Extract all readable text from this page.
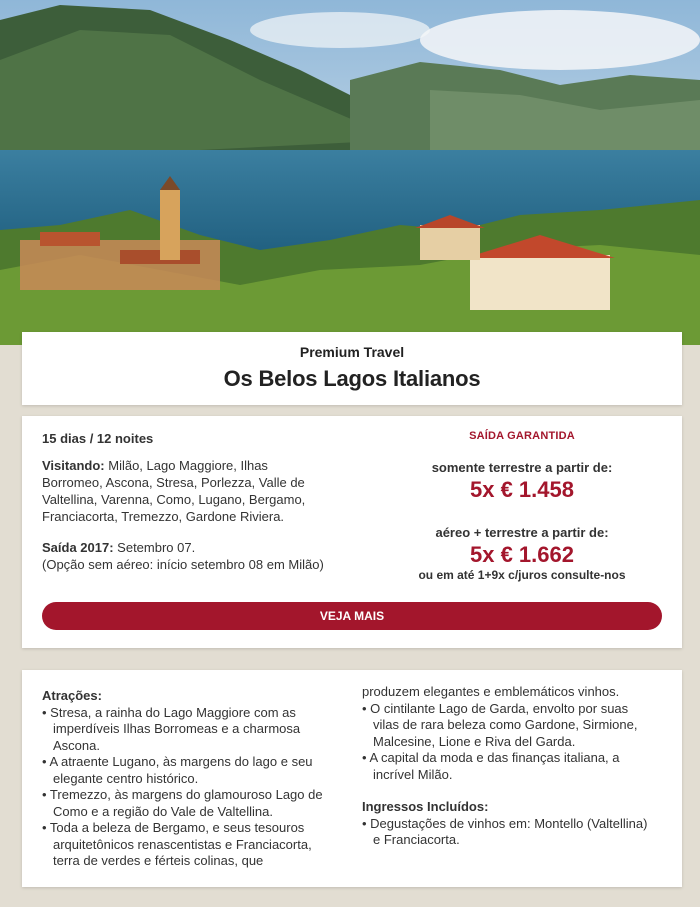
Premium Travel
Os Belos Lagos Italianos

15 dias / 12 noites

Visitando: Milão, Lago Maggiore, Ilhas Borromeo, Ascona, Stresa, Porlezza, Valle de Valtellina, Varenna, Como, Lugano, Bergamo, Franciacorta, Tremezzo, Gardone Riviera.

Saída 2017: Setembro 07.
(Opção sem aéreo: início setembro 08 em Milão)

SAÍDA GARANTIDA
somente terrestre a partir de:
5x € 1.458
aéreo + terrestre a partir de:
5x € 1.662
ou em até 1+9x c/juros consulte-nos
VEJA MAIS
Atrações:
• Stresa, a rainha do Lago Maggiore com as imperdíveis Ilhas Borromeas e a charmosa Ascona.
• A atraente Lugano, às margens do lago e seu elegante centro histórico.
• Tremezzo, às margens do glamouroso Lago de Como e a região do Vale de Valtellina.
• Toda a beleza de Bergamo, e seus tesouros arquitetônicos renascentistas e Franciacorta, terra de verdes e férteis colinas, que
produzem elegantes e emblemáticos vinhos.
• O cintilante Lago de Garda, envolto por suas vilas de rara beleza como Gardone, Sirmione, Malcesine, Lione e Riva del Garda.
• A capital da moda e das finanças italiana, a incrível Milão.
Ingressos Incluídos:
• Degustações de vinhos em: Montello (Valtellina) e Franciacorta.
